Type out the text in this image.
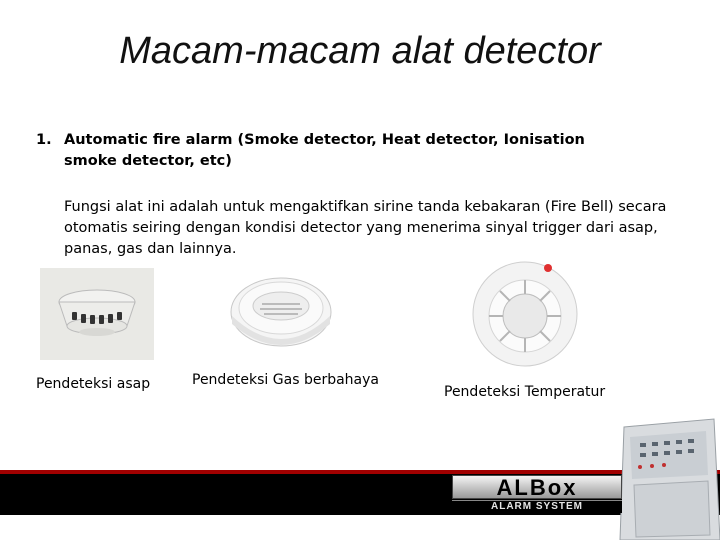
Macam-macam alat detector
1. Automatic fire alarm (Smoke detector, Heat detector, Ionisation smoke detector, etc)
Fungsi alat ini adalah untuk mengaktifkan sirine tanda kebakaran (Fire Bell) secara otomatis seiring dengan kondisi detector yang menerima sinyal trigger dari asap, panas, gas dan lainnya.
Pendeteksi asap	Pendeteksi Gas berbahaya
Pendeteksi Temperatur
ALBox
ALARM SYSTEM
